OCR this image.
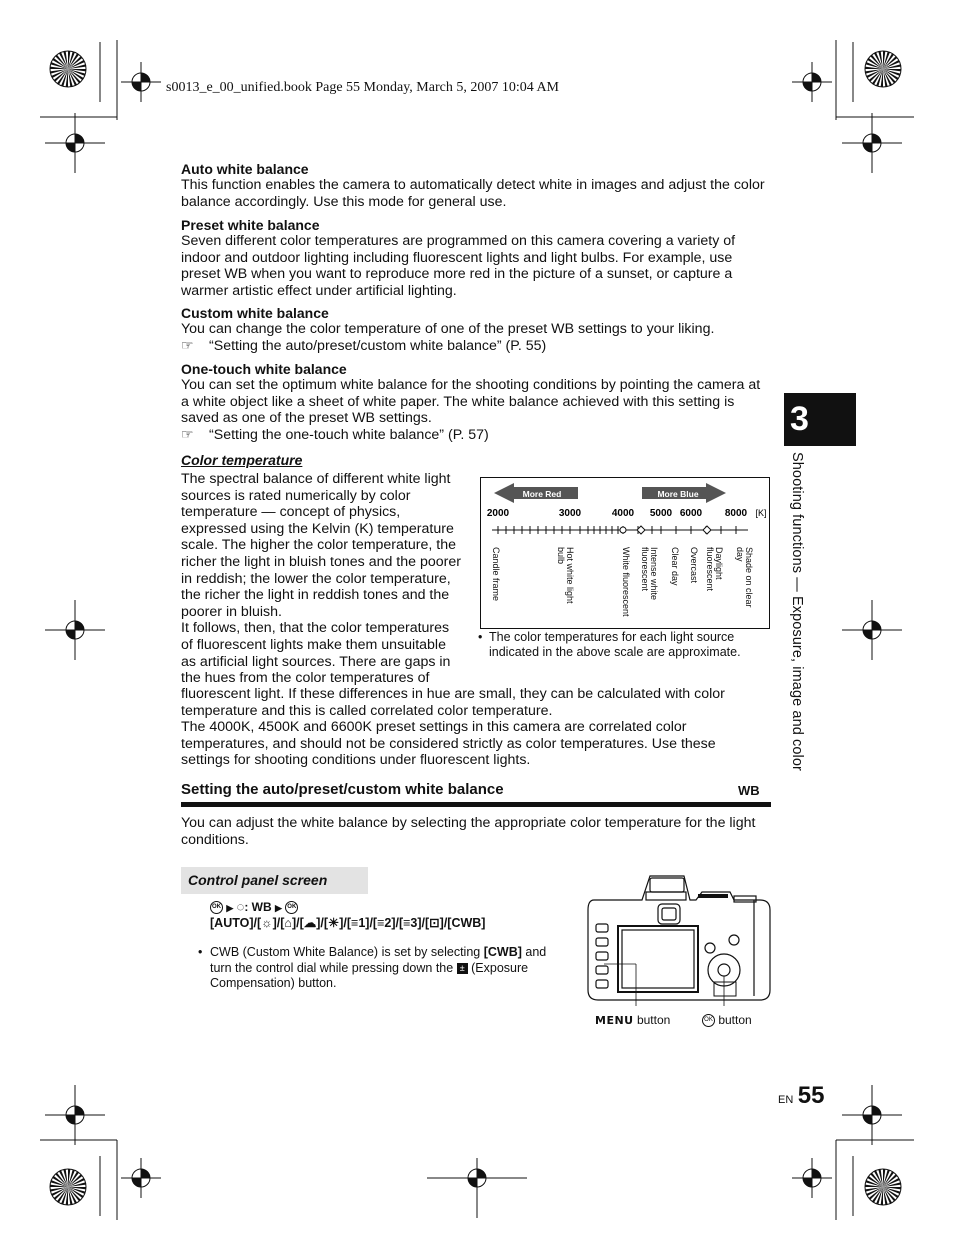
s0013_e_00_unified.book Page 55 Monday, March 5, 2007 10:04 AM
Auto white balance
This function enables the camera to automatically detect white in images and adjust the color
balance accordingly. Use this mode for general use.
Preset white balance
Seven different color temperatures are programmed on this camera covering a variety of
indoor and outdoor lighting including fluorescent lights and light bulbs. For example, use
preset WB when you want to reproduce more red in the picture of a sunset, or capture a
warmer artistic effect under artificial lighting.
Custom white balance
You can change the color temperature of one of the preset WB settings to your liking.
☞ “Setting the auto/preset/custom white balance” (P. 55)
One-touch white balance
You can set the optimum white balance for the shooting conditions by pointing the camera at
a white object like a sheet of white paper. The white balance achieved with this setting is
saved as one of the preset WB settings.
☞ “Setting the one-touch white balance” (P. 57)
Color temperature
The spectral balance of different white light
sources is rated numerically by color
temperature — concept of physics,
expressed using the Kelvin (K) temperature
scale. The higher the color temperature, the
richer the light in bluish tones and the poorer
in reddish; the lower the color temperature,
the richer the light in reddish tones and the
poorer in bluish.
It follows, then, that the color temperatures
of fluorescent lights make them unsuitable
as artificial light sources. There are gaps in
the hues from the color temperatures of
fluorescent light. If these differences in hue are small, they can be calculated with color
temperature and this is called correlated color temperature.
The 4000K, 4500K and 6600K preset settings in this camera are correlated color
temperatures, and should not be considered strictly as color temperatures. Use these
settings for shooting conditions under fluorescent lights.
More Red	More Blue
2000	3000	4000 5000 6000 8000 [K]
Candle frame	Hot white light
bulb	White fluorescent Intense white
fluorescent Clear day Overcast Daylight
fluorescent	Shade on clear
day
• The color temperatures for each light source
indicated in the above scale are approximate.
Setting the auto/preset/custom white balance	WB
You can adjust the white balance by selecting the appropriate color temperature for the light
conditions.
Control panel screen
OK ▶ ◌: WB ▶ OK
[AUTO]/[☼]/[⌂]/[☁]/[☀]/[≡1]/[≡2]/[≡3]/[⊡]/[CWB]
• CWB (Custom White Balance) is set by selecting [CWB] and
turn the control dial while pressing down the ± (Exposure
Compensation) button.
MENU button	OK button
3
Shooting functions — Exposure, image and color
EN 55
